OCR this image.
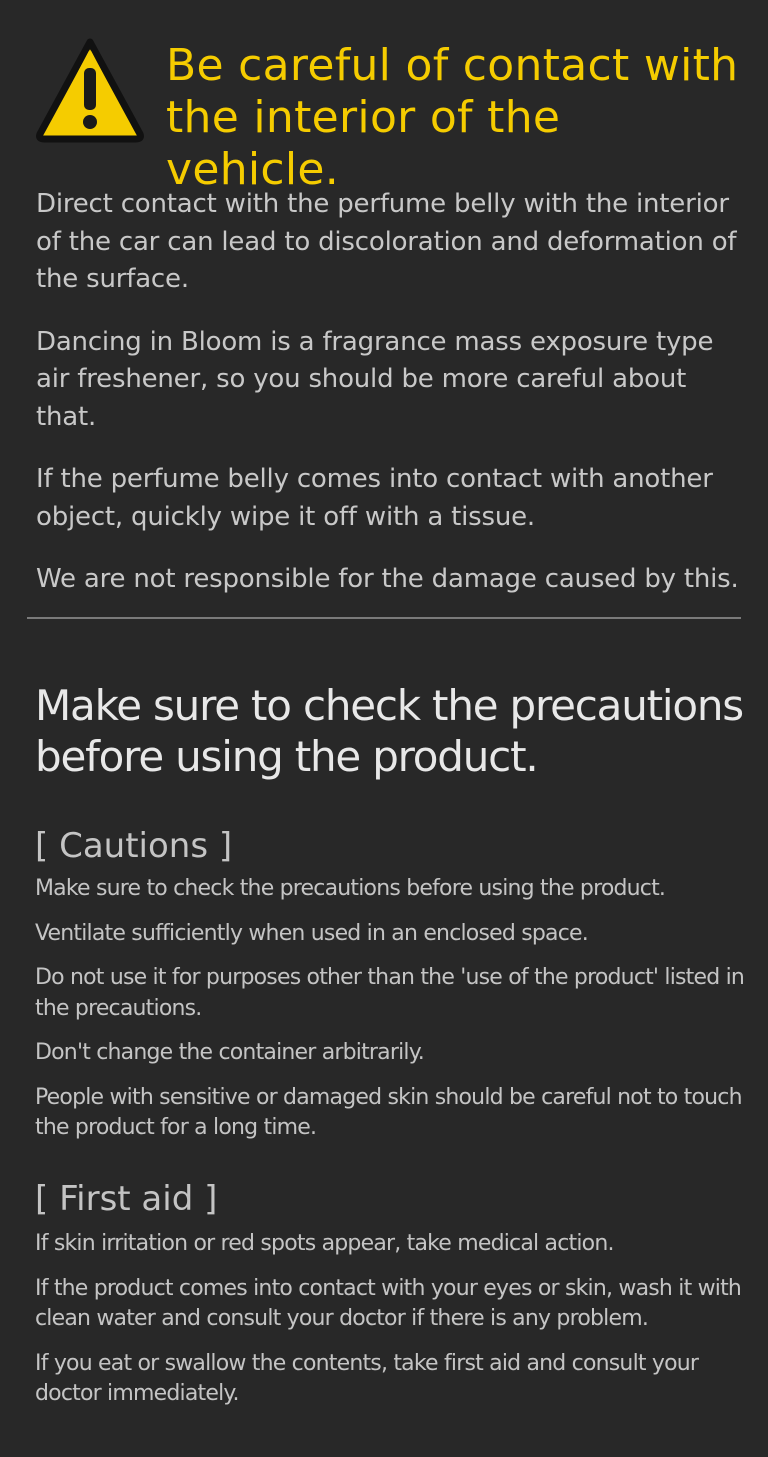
Be careful of contact with the interior of the vehicle.

Direct contact with the perfume belly with the interior of the car can lead to discoloration and deformation of the surface.

Dancing in Bloom is a fragrance mass exposure type air freshener, so you should be more careful about that.

If the perfume belly comes into contact with another object, quickly wipe it off with a tissue.

We are not responsible for the damage caused by this.

Make sure to check the precautions before using the product.
[ Cautions ]
Make sure to check the precautions before using the product.
Ventilate sufficiently when used in an enclosed space.
Do not use it for purposes other than the 'use of the product' listed in the precautions.
Don't change the container arbitrarily.
People with sensitive or damaged skin should be careful not to touch the product for a long time.
[ First aid ]
If skin irritation or red spots appear, take medical action.
If the product comes into contact with your eyes or skin, wash it with clean water and consult your doctor if there is any problem.
If you eat or swallow the contents, take first aid and consult your doctor immediately.
